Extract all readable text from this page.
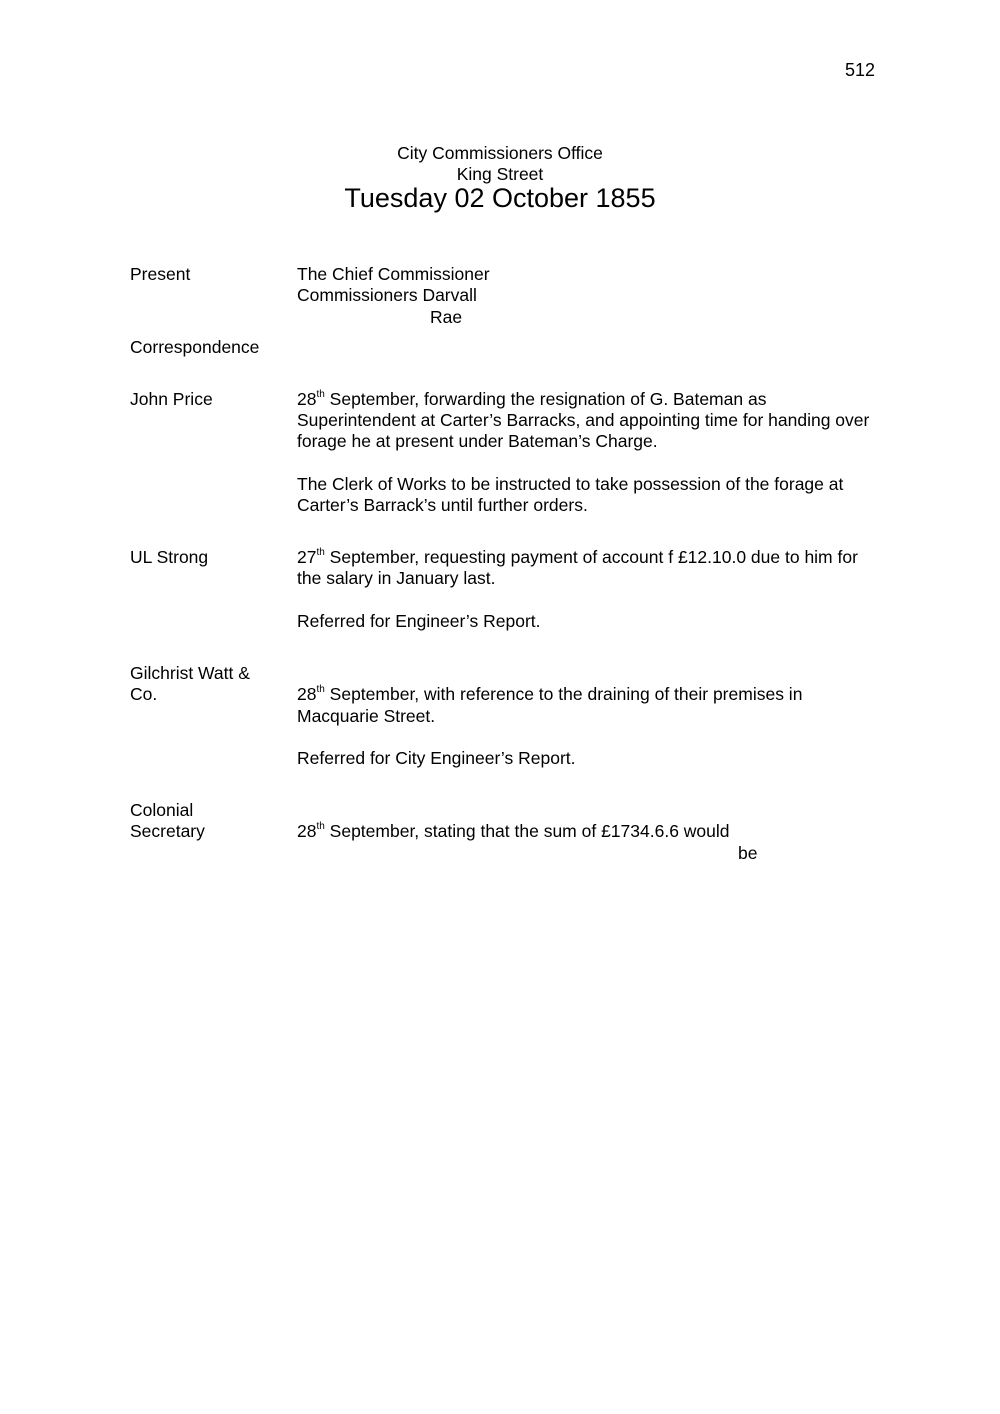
512
City Commissioners Office
King Street
Tuesday 02 October 1855
Present	The Chief Commissioner
Commissioners Darvall
Rae
Correspondence
John Price	28th September, forwarding the resignation of G. Bateman as
Superintendent at Carter’s Barracks, and appointing time for handing over
forage he at present under Bateman’s Charge.
The Clerk of Works to be instructed to take possession of the forage at
Carter’s Barrack’s until further orders.
UL Strong	27th September, requesting payment of account f £12.10.0 due to him for
the salary in January last.
Referred for Engineer’s Report.
Gilchrist Watt &
Co.	28th September, with reference to the draining of their premises in
Macquarie Street.
Referred for City Engineer’s Report.
Colonial
Secretary	28th September, stating that the sum of £1734.6.6 would
be
